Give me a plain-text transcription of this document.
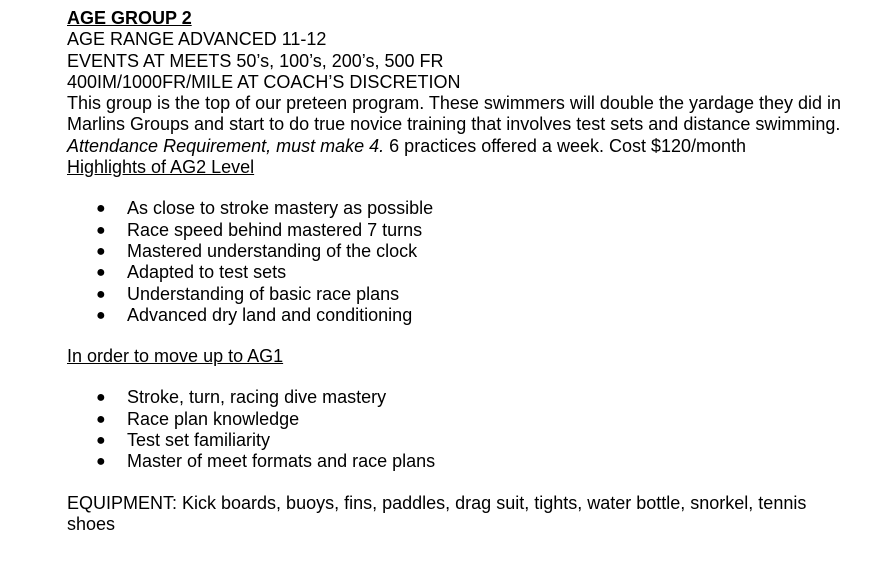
AGE GROUP 2
AGE RANGE ADVANCED 11-12
EVENTS AT MEETS 50’s, 100’s, 200’s, 500 FR
400IM/1000FR/MILE AT COACH’S DISCRETION
This group is the top of our preteen program. These swimmers will double the yardage they did in Marlins Groups and start to do true novice training that involves test sets and distance swimming.
Attendance Requirement, must make 4. 6 practices offered a week. Cost $120/month
Highlights of AG2 Level
● As close to stroke mastery as possible
● Race speed behind mastered 7 turns
● Mastered understanding of the clock
● Adapted to test sets
● Understanding of basic race plans
● Advanced dry land and conditioning
In order to move up to AG1
● Stroke, turn, racing dive mastery
● Race plan knowledge
● Test set familiarity
● Master of meet formats and race plans
EQUIPMENT: Kick boards, buoys, fins, paddles, drag suit, tights, water bottle, snorkel, tennis shoes
